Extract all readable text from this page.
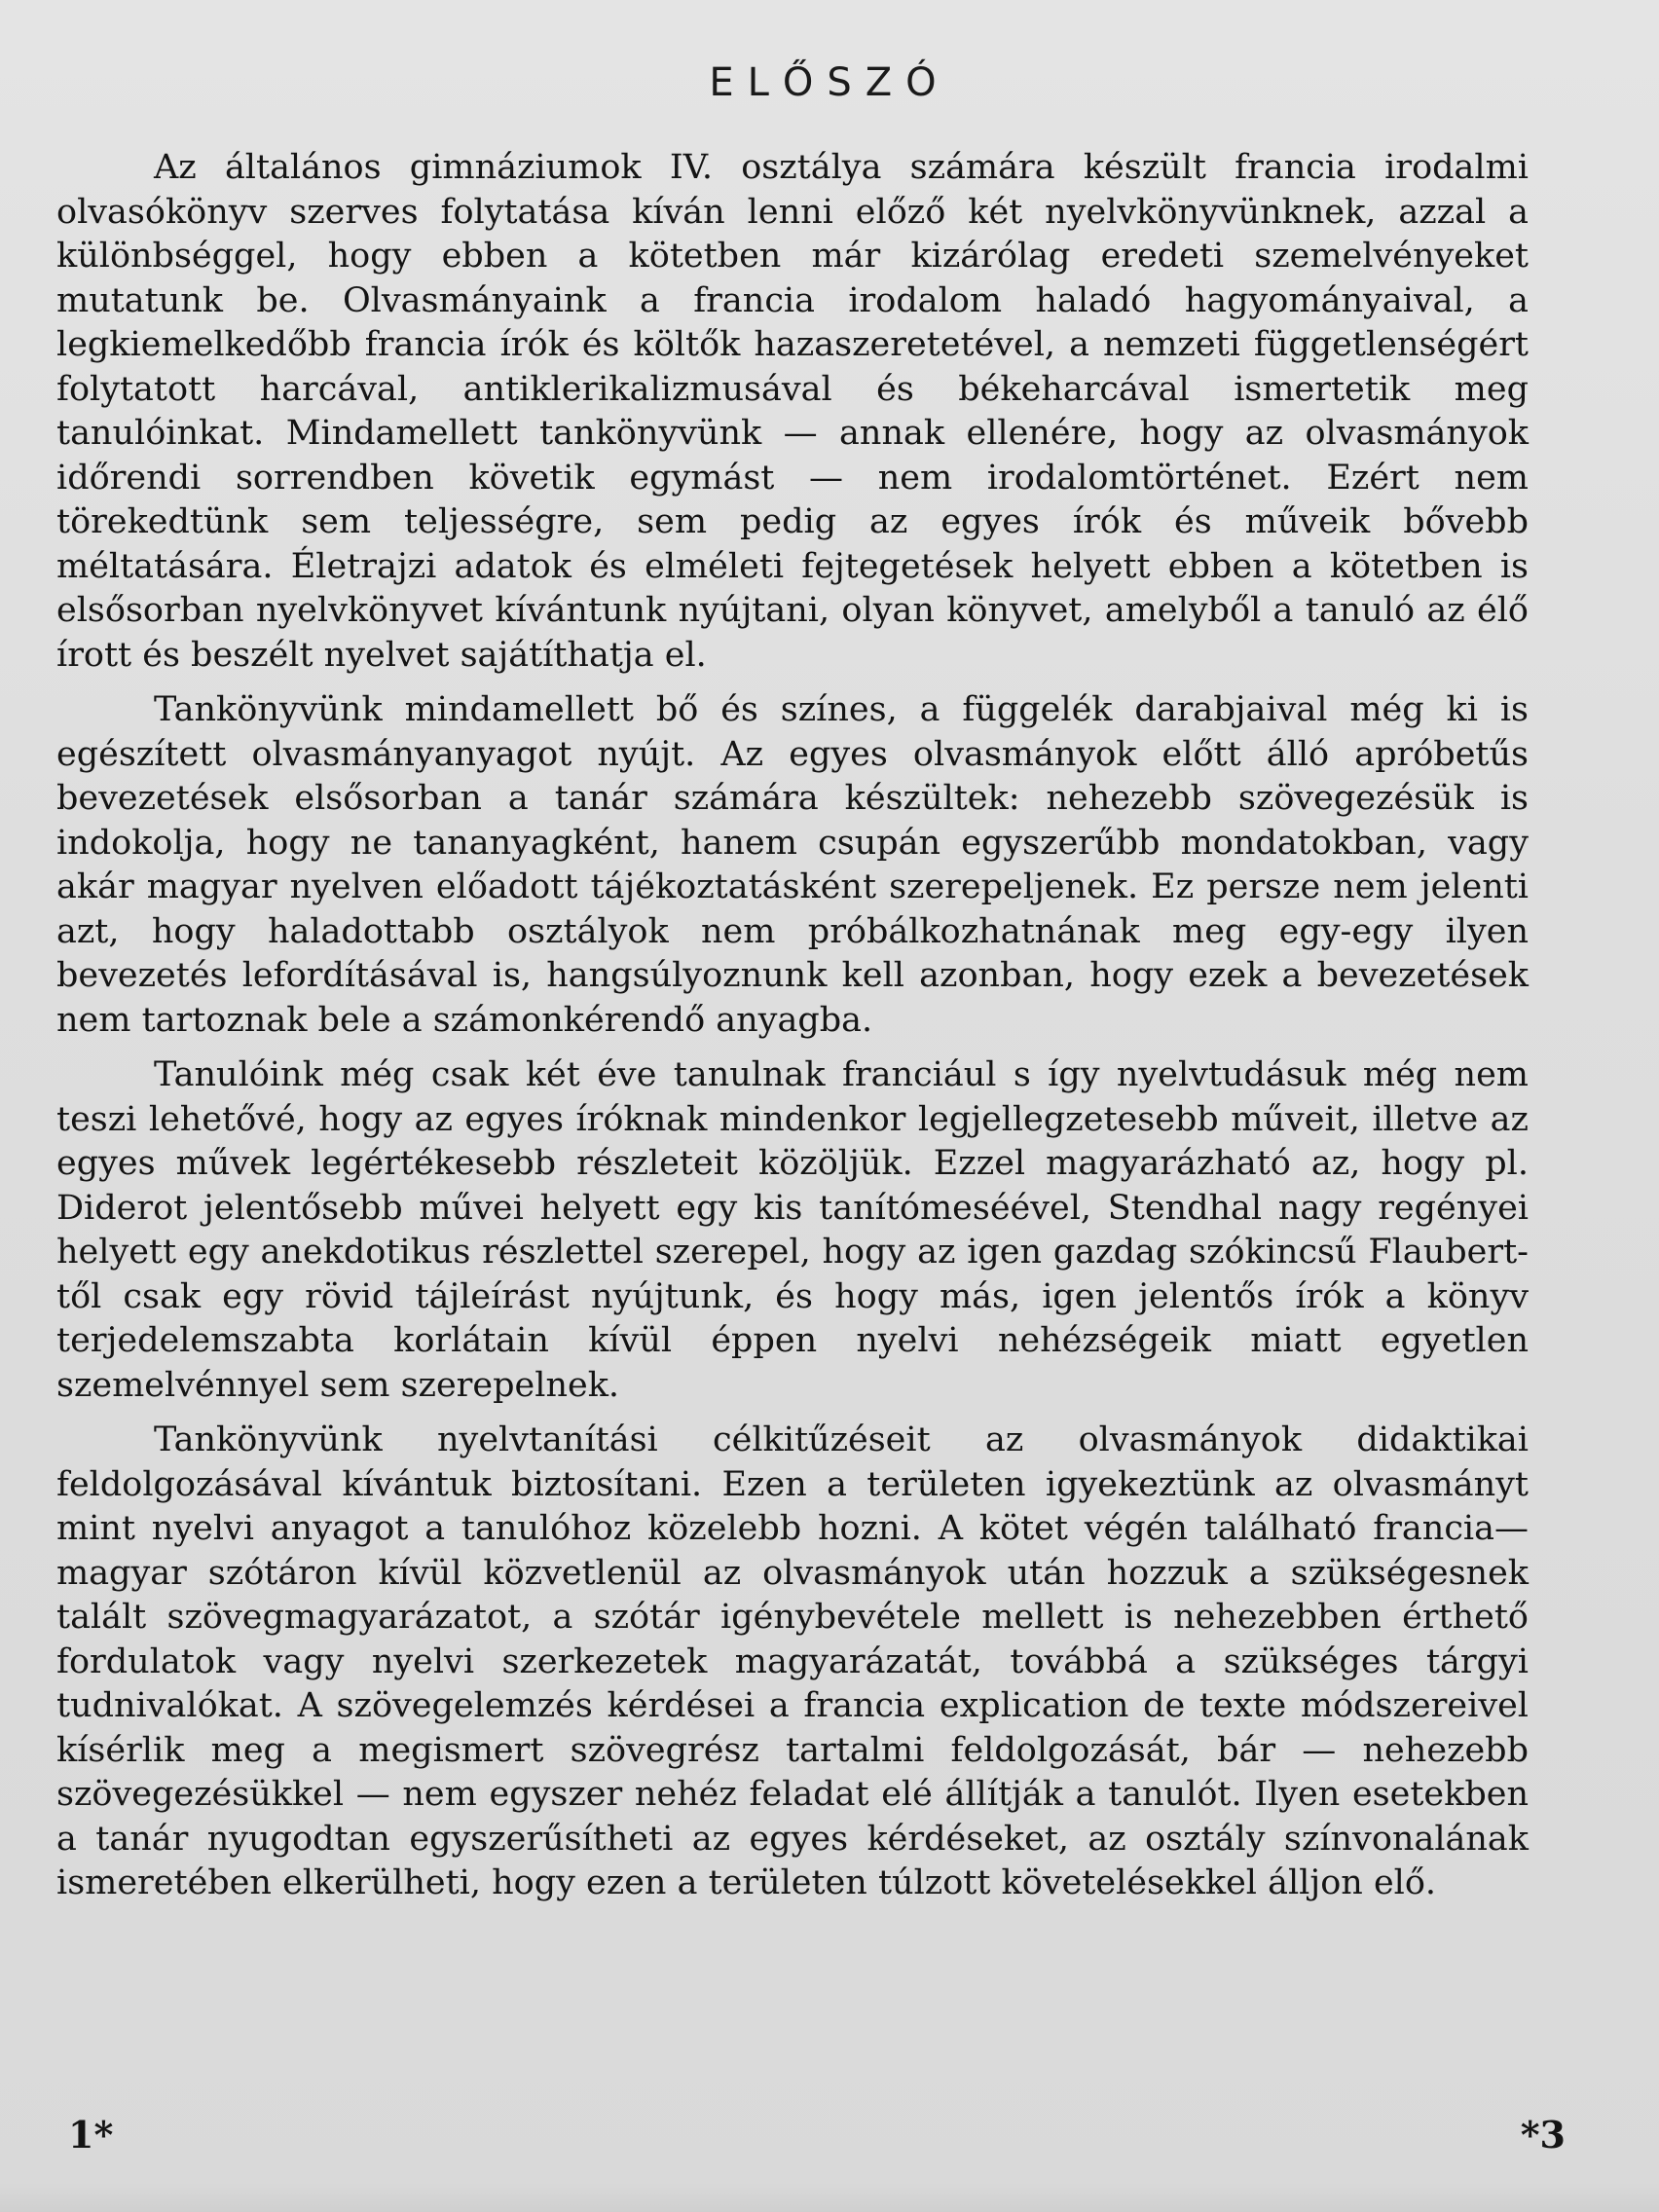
ELŐSZÓ

Az általános gimnáziumok IV. osztálya számára készült francia irodalmi olvasókönyv szerves folytatása kíván lenni előző két nyelvkönyvünknek, azzal a különbséggel, hogy ebben a kötetben már kizárólag eredeti szemelvényeket mutatunk be. Olvasmányaink a francia irodalom haladó hagyományaival, a legkiemelkedőbb francia írók és költők hazaszeretetével, a nemzeti függetlenségért folytatott harcával, antiklerikalizmusával és békeharcával ismertetik meg tanulóinkat. Mindamellett tankönyvünk — annak ellenére, hogy az olvasmányok időrendi sorrendben követik egymást — nem irodalomtörténet. Ezért nem törekedtünk sem teljességre, sem pedig az egyes írók és műveik bővebb méltatására. Életrajzi adatok és elméleti fejtegetések helyett ebben a kötetben is elsősorban nyelvkönyvet kívántunk nyújtani, olyan könyvet, amelyből a tanuló az élő írott és beszélt nyelvet sajátíthatja el.

Tankönyvünk mindamellett bő és színes, a függelék darabjaival még ki is egészített olvasmányanyagot nyújt. Az egyes olvasmányok előtt álló apróbetűs bevezetések elsősorban a tanár számára készültek: nehezebb szövegezésük is indokolja, hogy ne tananyagként, hanem csupán egyszerűbb mondatokban, vagy akár magyar nyelven előadott tájékoztatásként szerepeljenek. Ez persze nem jelenti azt, hogy haladottabb osztályok nem próbálkozhatnának meg egy-egy ilyen bevezetés lefordításával is, hangsúlyoznunk kell azonban, hogy ezek a bevezetések nem tartoznak bele a számonkérendő anyagba.

Tanulóink még csak két éve tanulnak franciául s így nyelvtudásuk még nem teszi lehetővé, hogy az egyes íróknak mindenkor legjellegzetesebb műveit, illetve az egyes művek legértékesebb részleteit közöljük. Ezzel magyarázható az, hogy pl. Diderot jelentősebb művei helyett egy kis tanítómeséével, Stendhal nagy regényei helyett egy anekdotikus részlettel szerepel, hogy az igen gazdag szókincsű Flaubert-től csak egy rövid tájleírást nyújtunk, és hogy más, igen jelentős írók a könyv terjedelemszabta korlátain kívül éppen nyelvi nehézségeik miatt egyetlen szemelvénnyel sem szerepelnek.

Tankönyvünk nyelvtanítási célkitűzéseit az olvasmányok didaktikai feldolgozásával kívántuk biztosítani. Ezen a területen igyekeztünk az olvasmányt mint nyelvi anyagot a tanulóhoz közelebb hozni. A kötet végén található francia—magyar szótáron kívül közvetlenül az olvasmányok után hozzuk a szükségesnek talált szövegmagyarázatot, a szótár igénybevétele mellett is nehezebben érthető fordulatok vagy nyelvi szerkezetek magyarázatát, továbbá a szükséges tárgyi tudnivalókat. A szövegelemzés kérdései a francia explication de texte módszereivel kísérlik meg a megismert szövegrész tartalmi feldolgozását, bár — nehezebb szövegezésükkel — nem egyszer nehéz feladat elé állítják a tanulót. Ilyen esetekben a tanár nyugodtan egyszerűsítheti az egyes kérdéseket, az osztály színvonalának ismeretében elkerülheti, hogy ezen a területen túlzott követelésekkel álljon elő.

1*	*3
